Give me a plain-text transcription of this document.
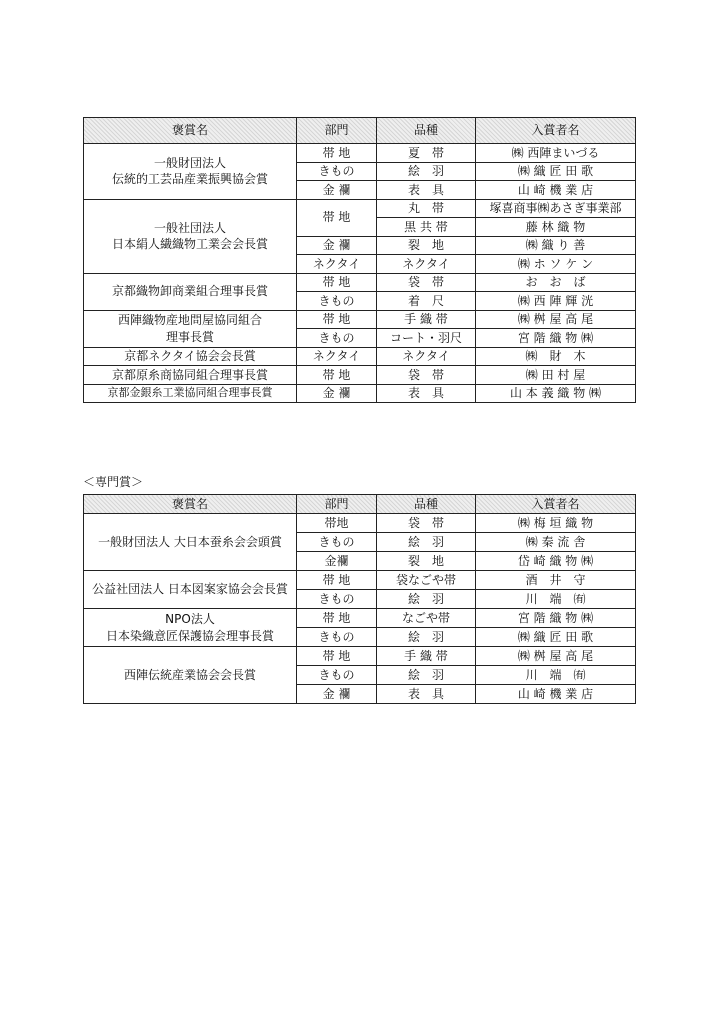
褒賞名	部門	品種	入賞者名

一般財団法人
伝統的工芸品産業振興協会賞	帯 地	夏　帯	㈱ 西陣まいづる
	きもの	絵　羽	㈱ 織 匠 田 歌
	金 襴	表　具	山 崎 機 業 店

一般社団法人
日本絹人繊織物工業会会長賞	帯 地	丸　帯	塚喜商事㈱あさぎ事業部
		黒 共 帯	藤 林 織 物
	金 襴	裂　地	㈱ 織 り 善
	ネクタイ	ネクタイ	㈱ ホ ソ ケ ン

京都織物卸商業組合理事長賞	帯 地	袋　帯	お　お　ば
	きもの	着　尺	㈱ 西 陣 輝 洸

西陣織物産地問屋協同組合
理事長賞	帯 地	手 織 帯	㈱ 桝 屋 高 尾
	きもの	コート・羽尺	宮 階 織 物 ㈱

京都ネクタイ協会会長賞	ネクタイ	ネクタイ	㈱　財　木

京都原糸商協同組合理事長賞	帯 地	袋　帯	㈱ 田 村 屋

京都金銀糸工業協同組合理事長賞	金 襴	表　具	山 本 義 織 物 ㈱
＜専門賞＞
褒賞名	部門	品種	入賞者名

一般財団法人 大日本蚕糸会会頭賞	帯地	袋　帯	㈱ 梅 垣 織 物
	きもの	絵　羽	㈱ 秦 流 舎
	金襴	裂　地	岱 崎 織 物 ㈱

公益社団法人 日本図案家協会会長賞	帯 地	袋なごや帯	酒　井　守
	きもの	絵　羽	川　端　㈲

NPO法人
日本染織意匠保護協会理事長賞	帯 地	なごや帯	宮 階 織 物 ㈱
	きもの	絵　羽	㈱ 織 匠 田 歌

西陣伝統産業協会会長賞	帯 地	手 織 帯	㈱ 桝 屋 高 尾
	きもの	絵　羽	川　端　㈲
	金 襴	表　具	山 崎 機 業 店
